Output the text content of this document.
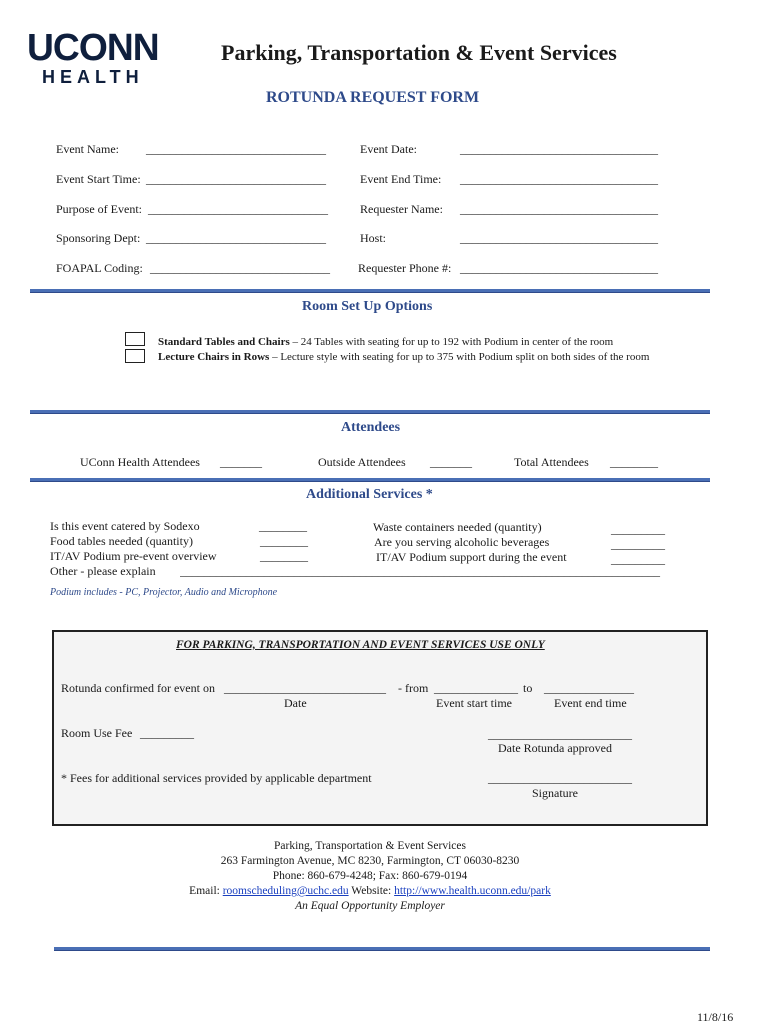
UCONN
HEALTH
Parking, Transportation & Event Services
ROTUNDA REQUEST FORM
Event Name: ______________________________	Event Date:	_________________________________
Event Start Time: ______________________________	Event End Time: _________________________________
Purpose of Event: ______________________________	Requester Name: _________________________________
Sponsoring Dept: ______________________________	Host:	_________________________________
FOAPAL Coding: ______________________________ Requester Phone #: _________________________________
Room Set Up Options
Standard Tables and Chairs – 24 Tables with seating for up to 192 with Podium in center of the room
Lecture Chairs in Rows – Lecture style with seating for up to 375 with Podium split on both sides of the room
Attendees
UConn Health Attendees _______	Outside Attendees _______	Total Attendees ________
Additional Services *
Is this event catered by Sodexo	________
Food tables needed (quantity)	________
IT/AV Podium pre-event overview	________
Waste containers needed (quantity)	_________
Are you serving alcoholic beverages	_________
IT/AV Podium support during the event	_________
Other - please explain ________________________________________________________________________________
Podium includes - PC, Projector, Audio and Microphone
FOR PARKING, TRANSPORTATION AND EVENT SERVICES USE ONLY
Rotunda confirmed for event on ___________________________ - from ______________ to _______________
Date	Event start time	Event end time
Room Use Fee _________	________________________
Date Rotunda approved
* Fees for additional services provided by applicable department	________________________
Signature
Parking, Transportation & Event Services
263 Farmington Avenue, MC 8230, Farmington, CT 06030-8230
Phone: 860-679-4248; Fax: 860-679-0194
Email: roomscheduling@uchc.edu Website: http://www.health.uconn.edu/park
An Equal Opportunity Employer
11/8/16
